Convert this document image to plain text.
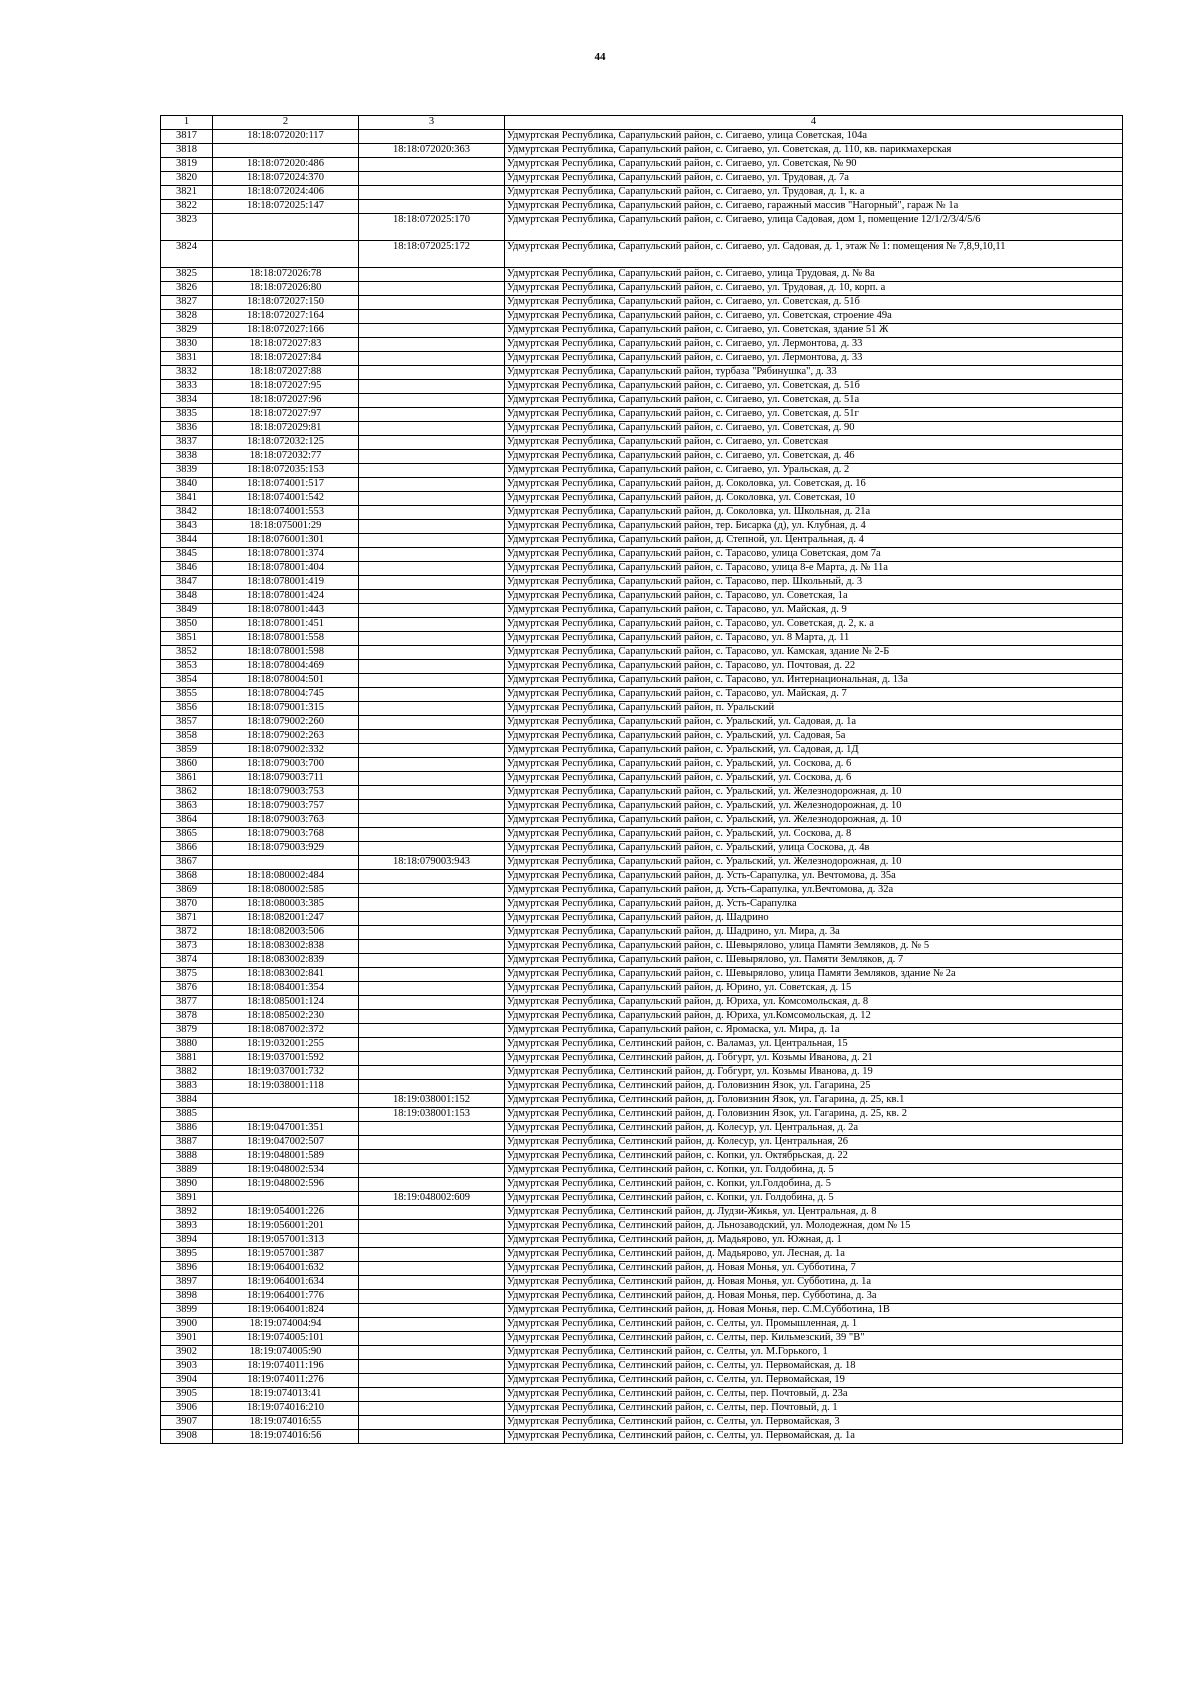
44
1	2	3	4
3817	18:18:072020:117		Удмуртская Республика, Сарапульский район, с. Сигаево, улица Советская, 104а
3818		18:18:072020:363	Удмуртская Республика, Сарапульский район, с. Сигаево, ул. Советская, д. 110, кв. парикмахерская
3819	18:18:072020:486		Удмуртская Республика, Сарапульский район, с. Сигаево, ул. Советская, № 90
3820	18:18:072024:370		Удмуртская Республика, Сарапульский район, с. Сигаево, ул. Трудовая, д. 7а
3821	18:18:072024:406		Удмуртская Республика, Сарапульский район, с. Сигаево, ул. Трудовая, д. 1, к. а
3822	18:18:072025:147		Удмуртская Республика, Сарапульский район, с. Сигаево, гаражный массив "Нагорный", гараж № 1а
3823		18:18:072025:170	Удмуртская Республика, Сарапульский район, с. Сигаево, улица Садовая, дом 1, помещение 12/1/2/3/4/5/6
3824		18:18:072025:172	Удмуртская Республика, Сарапульский район, с. Сигаево, ул. Садовая, д. 1, этаж № 1: помещения № 7,8,9,10,11
3825	18:18:072026:78		Удмуртская Республика, Сарапульский район, с. Сигаево, улица Трудовая, д. № 8а
3826	18:18:072026:80		Удмуртская Республика, Сарапульский район, с. Сигаево, ул. Трудовая, д. 10, корп. а
3827	18:18:072027:150		Удмуртская Республика, Сарапульский район, с. Сигаево, ул. Советская, д. 51б
3828	18:18:072027:164		Удмуртская Республика, Сарапульский район, с. Сигаево, ул. Советская, строение 49а
3829	18:18:072027:166		Удмуртская Республика, Сарапульский район, с. Сигаево, ул. Советская, здание 51 Ж
3830	18:18:072027:83		Удмуртская Республика, Сарапульский район, с. Сигаево, ул. Лермонтова, д. 33
3831	18:18:072027:84		Удмуртская Республика, Сарапульский район, с. Сигаево, ул. Лермонтова, д. 33
3832	18:18:072027:88		Удмуртская Республика, Сарапульский район, турбаза "Рябинушка", д. 33
3833	18:18:072027:95		Удмуртская Республика, Сарапульский район, с. Сигаево, ул. Советская, д. 51б
3834	18:18:072027:96		Удмуртская Республика, Сарапульский район, с. Сигаево, ул. Советская, д. 51а
3835	18:18:072027:97		Удмуртская Республика, Сарапульский район, с. Сигаево, ул. Советская, д. 51г
3836	18:18:072029:81		Удмуртская Республика, Сарапульский район, с. Сигаево, ул. Советская, д. 90
3837	18:18:072032:125		Удмуртская Республика, Сарапульский район, с. Сигаево, ул. Советская
3838	18:18:072032:77		Удмуртская Республика, Сарапульский район, с. Сигаево, ул. Советская, д. 46
3839	18:18:072035:153		Удмуртская Республика, Сарапульский район, с. Сигаево, ул. Уральская, д. 2
3840	18:18:074001:517		Удмуртская Республика, Сарапульский район, д. Соколовка, ул. Советская, д. 16
3841	18:18:074001:542		Удмуртская Республика, Сарапульский район, д. Соколовка, ул. Советская, 10
3842	18:18:074001:553		Удмуртская Республика, Сарапульский район, д. Соколовка, ул. Школьная, д. 21а
3843	18:18:075001:29		Удмуртская Республика, Сарапульский район, тер. Бисарка (д), ул. Клубная, д. 4
3844	18:18:076001:301		Удмуртская Республика, Сарапульский район, д. Степной, ул. Центральная, д. 4
3845	18:18:078001:374		Удмуртская Республика, Сарапульский район, с. Тарасово, улица Советская, дом 7а
3846	18:18:078001:404		Удмуртская Республика, Сарапульский район, с. Тарасово, улица 8-е Марта, д. № 11а
3847	18:18:078001:419		Удмуртская Республика, Сарапульский район, с. Тарасово, пер. Школьный, д. 3
3848	18:18:078001:424		Удмуртская Республика, Сарапульский район, с. Тарасово, ул. Советская, 1а
3849	18:18:078001:443		Удмуртская Республика, Сарапульский район, с. Тарасово, ул. Майская, д. 9
3850	18:18:078001:451		Удмуртская Республика, Сарапульский район, с. Тарасово, ул. Советская, д. 2, к. а
3851	18:18:078001:558		Удмуртская Республика, Сарапульский район, с. Тарасово, ул. 8 Марта, д. 11
3852	18:18:078001:598		Удмуртская Республика, Сарапульский район, с. Тарасово, ул. Камская, здание № 2-Б
3853	18:18:078004:469		Удмуртская Республика, Сарапульский район, с. Тарасово, ул. Почтовая, д. 22
3854	18:18:078004:501		Удмуртская Республика, Сарапульский район, с. Тарасово, ул. Интернациональная, д. 13а
3855	18:18:078004:745		Удмуртская Республика, Сарапульский район, с. Тарасово, ул. Майская, д. 7
3856	18:18:079001:315		Удмуртская Республика, Сарапульский район, п. Уральский
3857	18:18:079002:260		Удмуртская Республика, Сарапульский район, с. Уральский, ул. Садовая, д. 1а
3858	18:18:079002:263		Удмуртская Республика, Сарапульский район, с. Уральский, ул. Садовая, 5а
3859	18:18:079002:332		Удмуртская Республика, Сарапульский район, с. Уральский, ул. Садовая, д. 1Д
3860	18:18:079003:700		Удмуртская Республика, Сарапульский район, с. Уральский, ул. Соскова, д. 6
3861	18:18:079003:711		Удмуртская Республика, Сарапульский район, с. Уральский, ул. Соскова, д. 6
3862	18:18:079003:753		Удмуртская Республика, Сарапульский район, с. Уральский, ул. Железнодорожная, д. 10
3863	18:18:079003:757		Удмуртская Республика, Сарапульский район, с. Уральский, ул. Железнодорожная, д. 10
3864	18:18:079003:763		Удмуртская Республика, Сарапульский район, с. Уральский, ул. Железнодорожная, д. 10
3865	18:18:079003:768		Удмуртская Республика, Сарапульский район, с. Уральский, ул. Соскова, д. 8
3866	18:18:079003:929		Удмуртская Республика, Сарапульский район, с. Уральский, улица Соскова, д. 4в
3867		18:18:079003:943	Удмуртская Республика, Сарапульский район, с. Уральский, ул. Железнодорожная, д. 10
3868	18:18:080002:484		Удмуртская Республика, Сарапульский район, д. Усть-Сарапулка, ул. Вечтомова, д. 35а
3869	18:18:080002:585		Удмуртская Республика, Сарапульский район, д. Усть-Сарапулка, ул.Вечтомова, д. 32а
3870	18:18:080003:385		Удмуртская Республика, Сарапульский район, д. Усть-Сарапулка
3871	18:18:082001:247		Удмуртская Республика, Сарапульский район, д. Шадрино
3872	18:18:082003:506		Удмуртская Республика, Сарапульский район, д. Шадрино, ул. Мира, д. 3а
3873	18:18:083002:838		Удмуртская Республика, Сарапульский район, с. Шевырялово, улица Памяти Земляков, д. № 5
3874	18:18:083002:839		Удмуртская Республика, Сарапульский район, с. Шевырялово, ул. Памяти Земляков, д. 7
3875	18:18:083002:841		Удмуртская Республика, Сарапульский район, с. Шевырялово, улица Памяти Земляков, здание № 2а
3876	18:18:084001:354		Удмуртская Республика, Сарапульский район, д. Юрино, ул. Советская, д. 15
3877	18:18:085001:124		Удмуртская Республика, Сарапульский район, д. Юриха, ул. Комсомольская, д. 8
3878	18:18:085002:230		Удмуртская Республика, Сарапульский район, д. Юриха, ул.Комсомольская, д. 12
3879	18:18:087002:372		Удмуртская Республика, Сарапульский район, с. Яромаска, ул. Мира, д. 1а
3880	18:19:032001:255		Удмуртская Республика, Селтинский район, с. Валамаз, ул. Центральная, 15
3881	18:19:037001:592		Удмуртская Республика, Селтинский район, д. Гобгурт, ул. Козьмы Иванова, д. 21
3882	18:19:037001:732		Удмуртская Республика, Селтинский район, д. Гобгурт, ул. Козьмы Иванова, д. 19
3883	18:19:038001:118		Удмуртская Республика, Селтинский район, д. Головизнин Язок, ул. Гагарина, 25
3884		18:19:038001:152	Удмуртская Республика, Селтинский район, д. Головизнин Язок, ул. Гагарина, д. 25, кв.1
3885		18:19:038001:153	Удмуртская Республика, Селтинский район, д. Головизнин Язок, ул. Гагарина, д. 25, кв. 2
3886	18:19:047001:351		Удмуртская Республика, Селтинский район, д. Колесур, ул. Центральная, д. 2а
3887	18:19:047002:507		Удмуртская Республика, Селтинский район, д. Колесур, ул. Центральная, 26
3888	18:19:048001:589		Удмуртская Республика, Селтинский район, с. Копки, ул. Октябрьская, д. 22
3889	18:19:048002:534		Удмуртская Республика, Селтинский район, с. Копки, ул. Голдобина, д. 5
3890	18:19:048002:596		Удмуртская Республика, Селтинский район, с. Копки, ул.Голдобина, д. 5
3891		18:19:048002:609	Удмуртская Республика, Селтинский район, с. Копки, ул. Голдобина, д. 5
3892	18:19:054001:226		Удмуртская Республика, Селтинский район, д. Лудзи-Жикья, ул. Центральная, д. 8
3893	18:19:056001:201		Удмуртская Республика, Селтинский район, д. Льнозаводский, ул. Молодежная, дом № 15
3894	18:19:057001:313		Удмуртская Республика, Селтинский район, д. Мадьярово, ул. Южная, д. 1
3895	18:19:057001:387		Удмуртская Республика, Селтинский район, д. Мадьярово, ул. Лесная, д. 1а
3896	18:19:064001:632		Удмуртская Республика, Селтинский район, д. Новая Монья, ул. Субботина, 7
3897	18:19:064001:634		Удмуртская Республика, Селтинский район, д. Новая Монья, ул. Субботина, д. 1а
3898	18:19:064001:776		Удмуртская Республика, Селтинский район, д. Новая Монья, пер. Субботина, д. 3а
3899	18:19:064001:824		Удмуртская Республика, Селтинский район, д. Новая Монья, пер. С.М.Субботина, 1В
3900	18:19:074004:94		Удмуртская Республика, Селтинский район, с. Селты, ул. Промышленная, д. 1
3901	18:19:074005:101		Удмуртская Республика, Селтинский район, с. Селты, пер. Кильмезский, 39 "В"
3902	18:19:074005:90		Удмуртская Республика, Селтинский район, с. Селты, ул. М.Горького, 1
3903	18:19:074011:196		Удмуртская Республика, Селтинский район, с. Селты, ул. Первомайская, д. 18
3904	18:19:074011:276		Удмуртская Республика, Селтинский район, с. Селты, ул. Первомайская, 19
3905	18:19:074013:41		Удмуртская Республика, Селтинский район, с. Селты, пер. Почтовый, д. 23а
3906	18:19:074016:210		Удмуртская Республика, Селтинский район, с. Селты, пер. Почтовый, д. 1
3907	18:19:074016:55		Удмуртская Республика, Селтинский район, с. Селты, ул. Первомайская, 3
3908	18:19:074016:56		Удмуртская Республика, Селтинский район, с. Селты, ул. Первомайская, д. 1а
